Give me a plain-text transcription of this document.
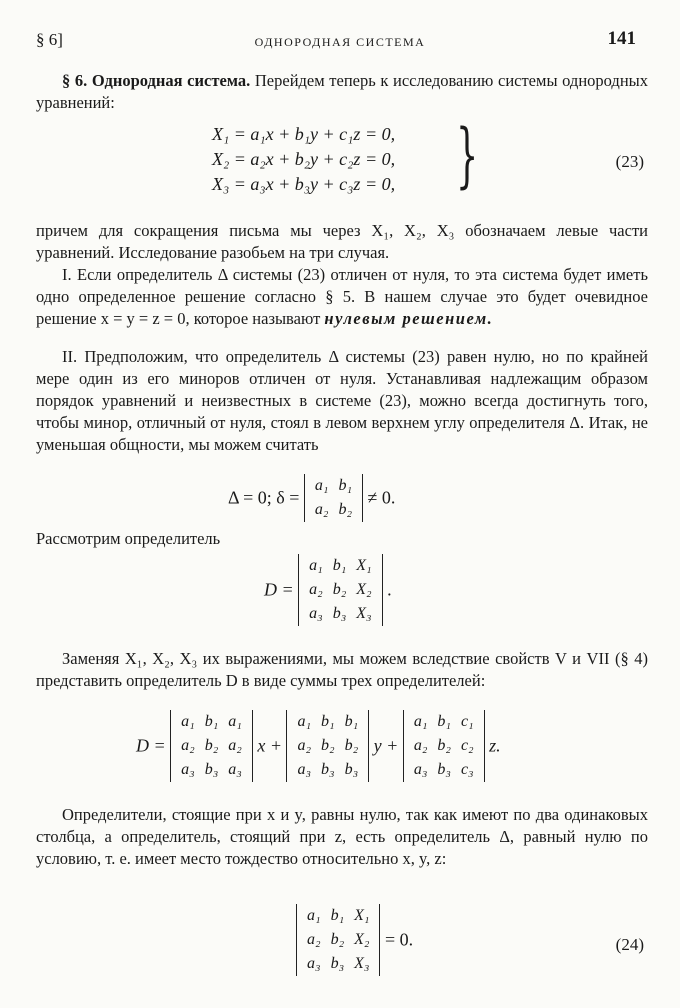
§ 6]	ОДНОРОДНАЯ СИСТЕМА	141

§ 6. Однородная система. Перейдем теперь к исследованию системы однородных уравнений:

X₁ = a₁x + b₁y + c₁z = 0,
X₂ = a₂x + b₂y + c₂z = 0,
X₃ = a₃x + b₃y + c₃z = 0, }	(23)

причем для сокращения письма мы через X₁, X₂, X₃ обозначаем левые части уравнений. Исследование разобьем на три случая.

I. Если определитель Δ системы (23) отличен от нуля, то эта система будет иметь одно определенное решение согласно § 5. В нашем случае это будет очевидное решение x = y = z = 0, которое называют нулевым решением.

II. Предположим, что определитель Δ системы (23) равен нулю, но по крайней мере один из его миноров отличен от нуля. Устанавливая надлежащим образом порядок уравнений и неизвестных в системе (23), можно всегда достигнуть того, чтобы минор, отличный от нуля, стоял в левом верхнем углу определителя Δ. Итак, не уменьшая общности, мы можем считать

Δ = 0; δ =
a₁	b₁
a₂	b₂
≠ 0.

Рассмотрим определитель

D =
a₁	b₁	X₁
a₂	b₂	X₂
a₃	b₃	X₃
.

Заменяя X₁, X₂, X₃ их выражениями, мы можем вследствие свойств V и VII (§ 4) представить определитель D в виде суммы трех определителей:

D =
a₁	b₁	a₁
a₂	b₂	a₂
a₃	b₃	a₃
x +
a₁	b₁	b₁
a₂	b₂	b₂
a₃	b₃	b₃
y +
a₁	b₁	c₁
a₂	b₂	c₂
a₃	b₃	c₃
z.

Определители, стоящие при x и y, равны нулю, так как имеют по два одинаковых столбца, а определитель, стоящий при z, есть определитель Δ, равный нулю по условию, т. е. имеет место тождество относительно x, y, z:

a₁	b₁	X₁
a₂	b₂	X₂
a₃	b₃	X₃
= 0.	(24)
